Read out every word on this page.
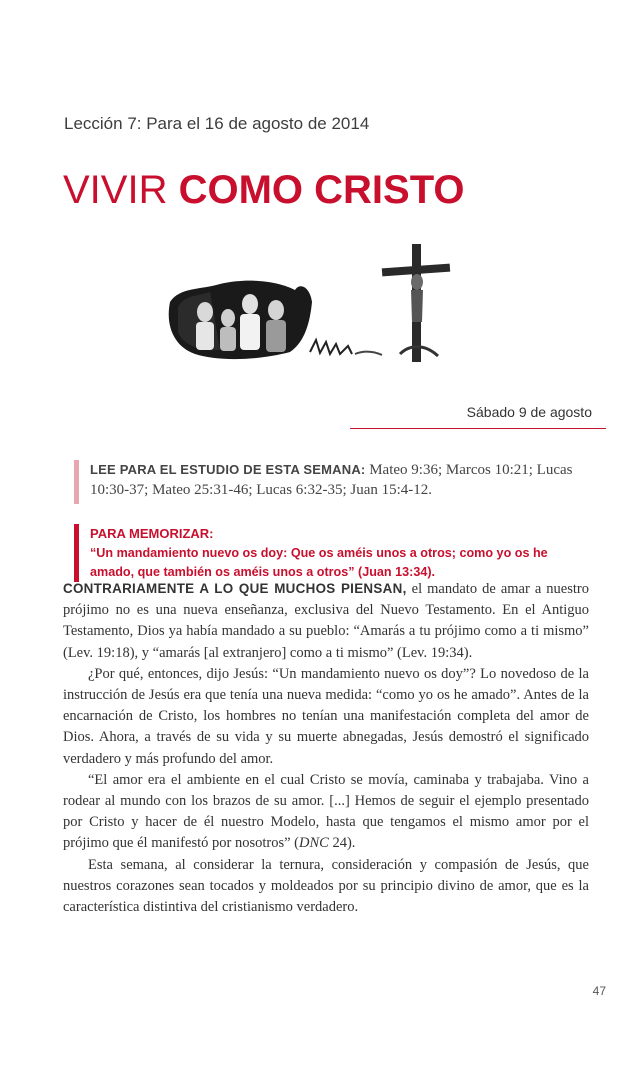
Lección 7: Para el 16 de agosto de 2014
VIVIR COMO CRISTO
Sábado 9 de agosto
LEE PARA EL ESTUDIO DE ESTA SEMANA: Mateo 9:36; Marcos 10:21; Lucas 10:30-37; Mateo 25:31-46; Lucas 6:32-35; Juan 15:4-12.
PARA MEMORIZAR:
“Un mandamiento nuevo os doy: Que os améis unos a otros; como yo os he amado, que también os améis unos a otros” (Juan 13:34).

CONTRARIAMENTE A LO QUE MUCHOS PIENSAN, el mandato de amar a nuestro prójimo no es una nueva enseñanza, exclusiva del Nuevo Testamento. En el Antiguo Testamento, Dios ya había mandado a su pueblo: “Amarás a tu prójimo como a ti mismo” (Lev. 19:18), y “amarás [al extranjero] como a ti mismo” (Lev. 19:34).

¿Por qué, entonces, dijo Jesús: “Un mandamiento nuevo os doy”? Lo novedoso de la instrucción de Jesús era que tenía una nueva medida: “como yo os he amado”. Antes de la encarnación de Cristo, los hombres no tenían una manifestación completa del amor de Dios. Ahora, a través de su vida y su muerte abnegadas, Jesús demostró el significado verdadero y más profundo del amor.

“El amor era el ambiente en el cual Cristo se movía, caminaba y trabajaba. Vino a rodear al mundo con los brazos de su amor. [...] Hemos de seguir el ejemplo presentado por Cristo y hacer de él nuestro Modelo, hasta que tengamos el mismo amor por el prójimo que él manifestó por nosotros” (DNC 24).

Esta semana, al considerar la ternura, consideración y compasión de Jesús, que nuestros corazones sean tocados y moldeados por su principio divino de amor, que es la característica distintiva del cristianismo verdadero.

47
